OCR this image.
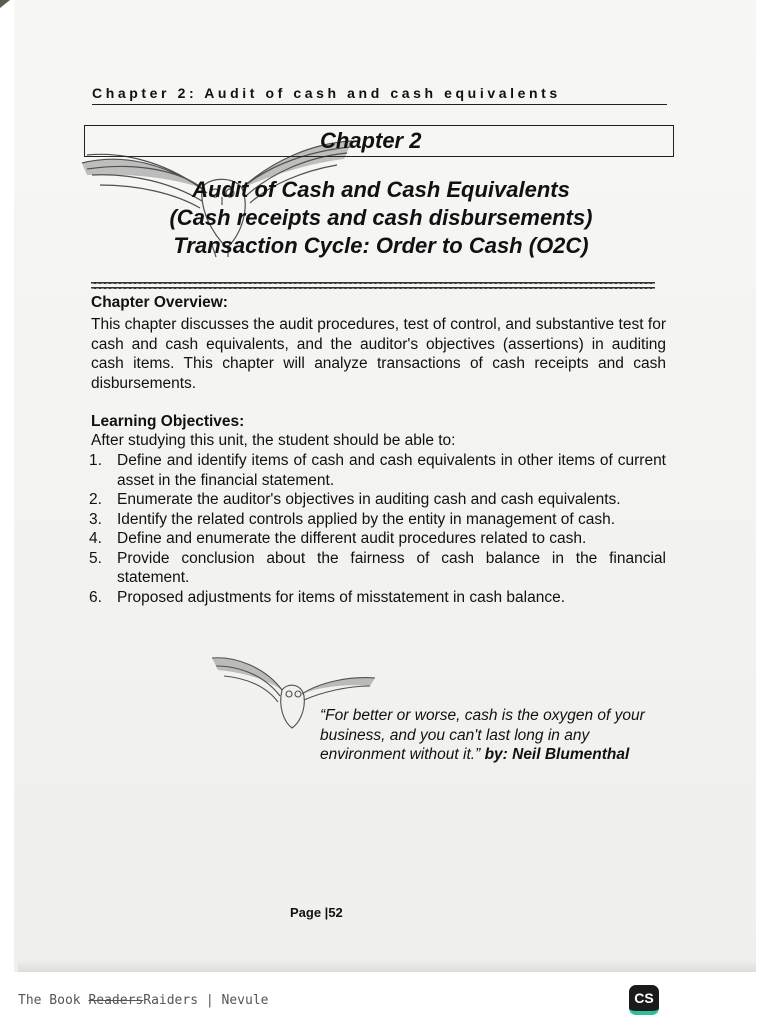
Chapter 2: Audit of cash and cash equivalents
Chapter 2
Audit of Cash and Cash Equivalents
(Cash receipts and cash disbursements)
Transaction Cycle: Order to Cash (O2C)
Chapter Overview:
This chapter discusses the audit procedures, test of control, and substantive test for cash and cash equivalents, and the auditor's objectives (assertions) in auditing cash items. This chapter will analyze transactions of cash receipts and cash disbursements.
Learning Objectives:
After studying this unit, the student should be able to:
1. Define and identify items of cash and cash equivalents in other items of current asset in the financial statement.
2. Enumerate the auditor's objectives in auditing cash and cash equivalents.
3. Identify the related controls applied by the entity in management of cash.
4. Define and enumerate the different audit procedures related to cash.
5. Provide conclusion about the fairness of cash balance in the financial statement.
6. Proposed adjustments for items of misstatement in cash balance.
“For better or worse, cash is the oxygen of your business, and you can't last long in any environment without it.” by: Neil Blumenthal
Page |52
The Book ReadersRaiders | Nevule	CS
